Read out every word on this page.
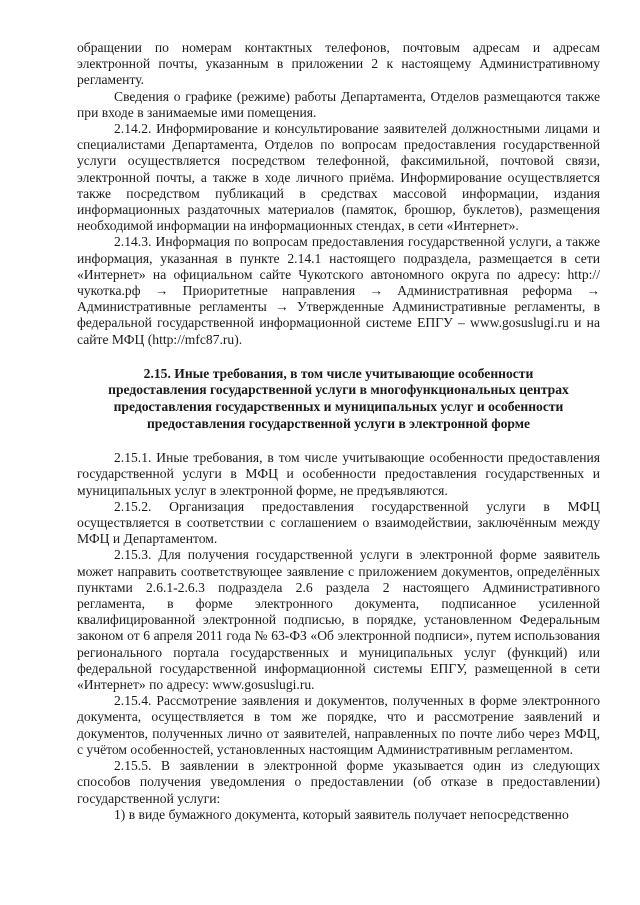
обращении по номерам контактных телефонов, почтовым адресам и адресам электронной почты, указанным в приложении 2 к настоящему Административному регламенту.

Сведения о графике (режиме) работы Департамента, Отделов размещаются также при входе в занимаемые ими помещения.

2.14.2. Информирование и консультирование заявителей должностными лицами и специалистами Департамента, Отделов по вопросам предоставления государственной услуги осуществляется посредством телефонной, факсимильной, почтовой связи, электронной почты, а также в ходе личного приёма. Информирование осуществляется также посредством публикаций в средствах массовой информации, издания информационных раздаточных материалов (памяток, брошюр, буклетов), размещения необходимой информации на информационных стендах, в сети «Интернет».

2.14.3. Информация по вопросам предоставления государственной услуги, а также информация, указанная в пункте 2.14.1 настоящего подраздела, размещается в сети «Интернет» на официальном сайте Чукотского автономного округа по адресу: http://чукотка.рф → Приоритетные направления → Административная реформа → Административные регламенты → Утвержденные Административные регламенты, в федеральной государственной информационной системе ЕПГУ – www.gosuslugi.ru и на сайте МФЦ (http://mfc87.ru).

2.15. Иные требования, в том числе учитывающие особенности
предоставления государственной услуги в многофункциональных центрах
предоставления государственных и муниципальных услуг и особенности
предоставления государственной услуги в электронной форме

2.15.1. Иные требования, в том числе учитывающие особенности предоставления государственной услуги в МФЦ и особенности предоставления государственных и муниципальных услуг в электронной форме, не предъявляются.

2.15.2. Организация предоставления государственной услуги в МФЦ осуществляется в соответствии с соглашением о взаимодействии, заключённым между МФЦ и Департаментом.

2.15.3. Для получения государственной услуги в электронной форме заявитель может направить соответствующее заявление с приложением документов, определённых пунктами 2.6.1-2.6.3 подраздела 2.6 раздела 2 настоящего Административного регламента, в форме электронного документа, подписанное усиленной квалифицированной электронной подписью, в порядке, установленном Федеральным законом от 6 апреля 2011 года № 63-ФЗ «Об электронной подписи», путем использования регионального портала государственных и муниципальных услуг (функций) или федеральной государственной информационной системы ЕПГУ, размещенной в сети «Интернет» по адресу: www.gosuslugi.ru.

2.15.4. Рассмотрение заявления и документов, полученных в форме электронного документа, осуществляется в том же порядке, что и рассмотрение заявлений и документов, полученных лично от заявителей, направленных по почте либо через МФЦ, с учётом особенностей, установленных настоящим Административным регламентом.

2.15.5. В заявлении в электронной форме указывается один из следующих способов получения уведомления о предоставлении (об отказе в предоставлении) государственной услуги:

1) в виде бумажного документа, который заявитель получает непосредственно
